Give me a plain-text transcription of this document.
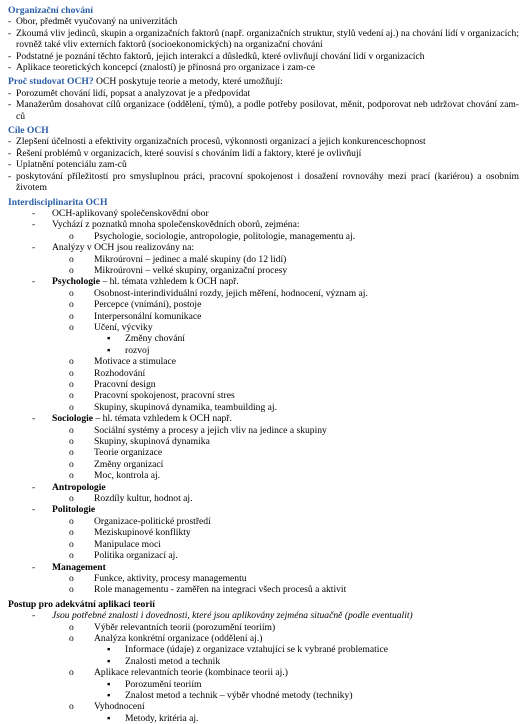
Organizační chování
- Obor, předmět vyučovaný na univerzitách
- Zkoumá vliv jedinců, skupin a organizačních faktorů (např. organizačních struktur, stylů vedení aj.) na chování lidí v organizacích; rovněž také vliv externích faktorů (socioekonomických) na organizační chování
- Podstatné je poznání těchto faktorů, jejich interakcí a důsledků, které ovlivňují chování lidí v organizacích
- Aplikace teoretických koncepcí (znalostí) je přínosná pro organizace i zam-ce
Proč studovat OCH? OCH poskytuje teorie a metody, které umožňují:
- Porozumět chování lidí, popsat a analyzovat je a předpovídat
- Manažerům dosahovat cílů organizace (oddělení, týmů), a podle potřeby posilovat, měnit, podporovat neb udržovat chování zam-ců
Cíle OCH
- Zlepšení účelnosti a efektivity organizačních procesů, výkonnosti organizací a jejich konkurenceschopnost
- Řešení problémů v organizacích, které souvisí s chováním lidí a faktory, které je ovlivňují
- Uplatnění potenciálu zam-ců
- poskytování příležitostí pro smysluplnou práci, pracovní spokojenost i dosažení rovnováhy mezi prací (kariérou) a osobním životem
Interdisciplinarita OCH
-	OCH-aplikovaný společenskovědní obor
-	Vychází z poznatků mnoha společenskovědních oborů, zejména:
o	Psychologie, sociologie, antropologie, politologie, managementu aj.
-	Analýzy v OCH jsou realizovány na:
o	Mikroúrovni – jedinec a malé skupiny (do 12 lidí)
o	Mikroúrovni – velké skupiny, organizační procesy
-	Psychologie – hl. témata vzhledem k OCH např.
o	Osobnost-interindividuální rozdy, jejich měření, hodnocení, význam aj.
o	Percepce (vnímání), postoje
o	Interpersonální komunikace
o	Učení, výcviky
▪	Změny chování
▪	rozvoj
o	Motivace a stimulace
o	Rozhodování
o	Pracovní design
o	Pracovní spokojenost, pracovní stres
o	Skupiny, skupinová dynamika, teambuilding aj.
-	Sociologie – hl. témata vzhledem k OCH např.
o	Sociální systémy a procesy a jejich vliv na jedince a skupiny
o	Skupiny, skupinová dynamika
o	Teorie organizace
o	Změny organizací
o	Moc, kontrola aj.
-	Antropologie
o	Rozdíly kultur, hodnot aj.
-	Politologie
o	Organizace-politické prostředí
o	Meziskupinové konflikty
o	Manipulace moci
o	Politika organizací aj.
-	Management
o	Funkce, aktivity, procesy managementu
o	Role managementu - zaměřen na integraci všech procesů a aktivit
Postup pro adekvátní aplikaci teorií
-	Jsou potřebné znalosti i dovednosti, které jsou aplikovány zejména situačně (podle eventualit)
o	Výběr relevantních teorii (porozumění teoriím)
o	Analýza konkrétní organizace (oddělení aj.)
▪	Informace (údaje) z organizace vztahující se k vybrané problematice
▪	Znalosti metod a technik
o	Aplikace relevantních teorie (kombinace teorii aj.)
▪	Porozumění teoriím
▪	Znalost metod a technik – výběr vhodné metody (techniky)
o	Vyhodnocení
▪	Metody, kritéria aj.
